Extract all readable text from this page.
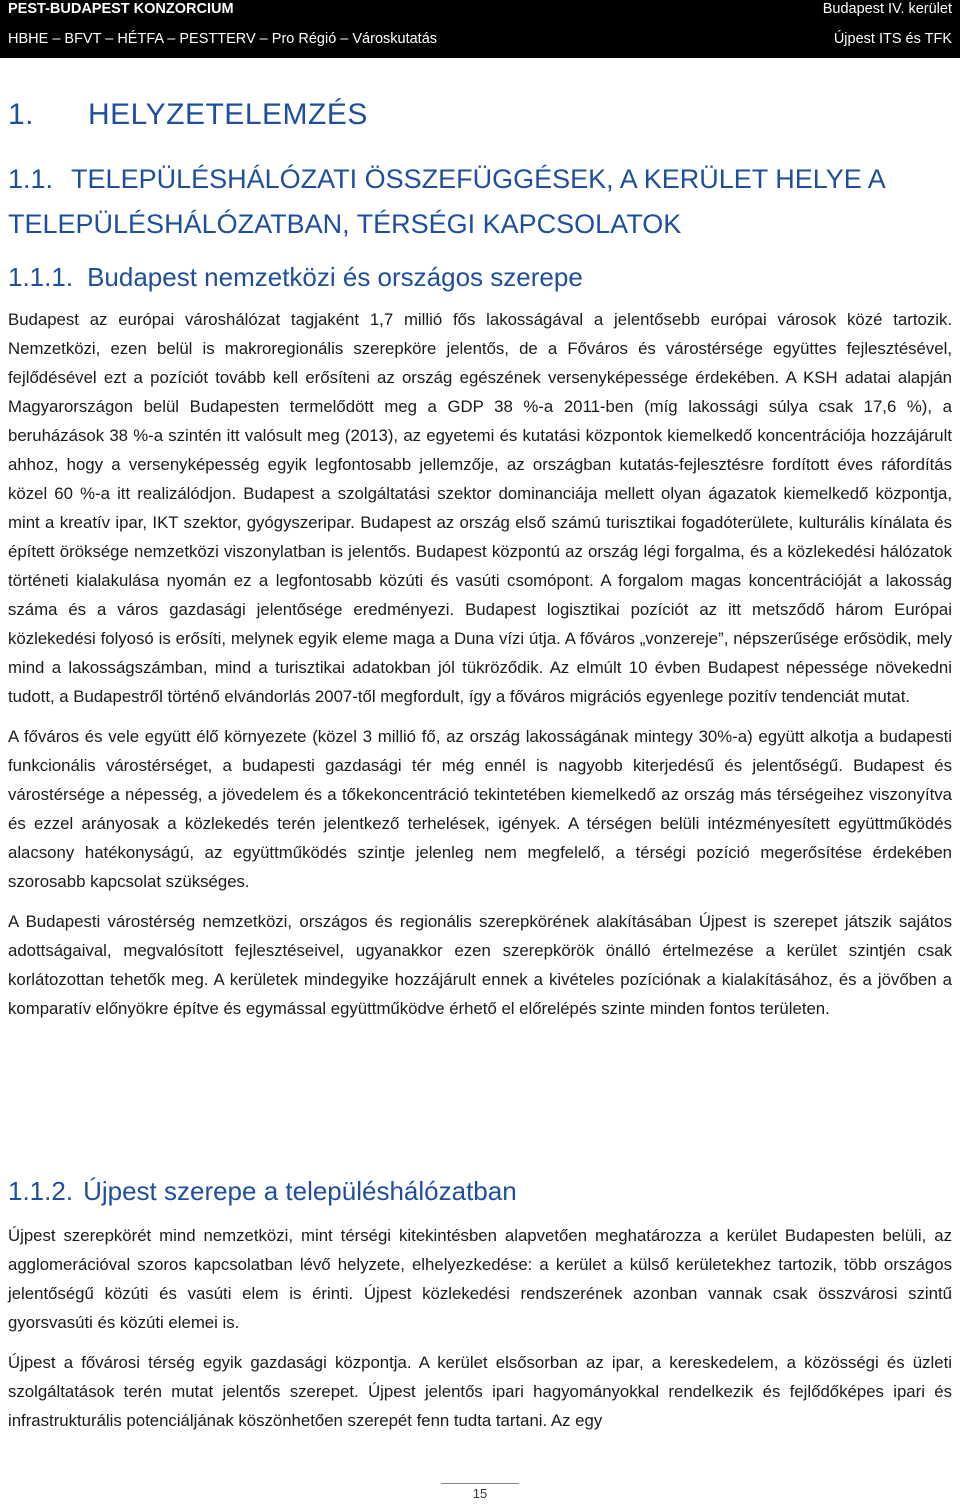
PEST-BUDAPEST KONZORCIUM	Budapest IV. kerület
HBHE – BFVT – HÉTFA – PESTTERV – Pro Régió – Városkutatás	Újpest ITS és TFK
1. HELYZETELEMZÉS
1.1. TELEPÜLÉSHÁLÓZATI ÖSSZEFÜGGÉSEK, A KERÜLET HELYE A TELEPÜLÉSHÁLÓZATBAN, TÉRSÉGI KAPCSOLATOK
1.1.1. Budapest nemzetközi és országos szerepe

Budapest az európai városhálózat tagjaként 1,7 millió fős lakosságával a jelentősebb európai városok közé tartozik. Nemzetközi, ezen belül is makroregionális szerepköre jelentős, de a Főváros és várostérsége együttes fejlesztésével, fejlődésével ezt a pozíciót tovább kell erősíteni az ország egészének versenyképessége érdekében. A KSH adatai alapján Magyarországon belül Budapesten termelődött meg a GDP 38 %-a 2011-ben (míg lakossági súlya csak 17,6 %), a beruházások 38 %-a szintén itt valósult meg (2013), az egyetemi és kutatási központok kiemelkedő koncentrációja hozzájárult ahhoz, hogy a versenyképesség egyik legfontosabb jellemzője, az országban kutatás-fejlesztésre fordított éves ráfordítás közel 60 %-a itt realizálódjon. Budapest a szolgáltatási szektor dominanciája mellett olyan ágazatok kiemelkedő központja, mint a kreatív ipar, IKT szektor, gyógyszeripar. Budapest az ország első számú turisztikai fogadóterülete, kulturális kínálata és épített öröksége nemzetközi viszonylatban is jelentős. Budapest központú az ország légi forgalma, és a közlekedési hálózatok történeti kialakulása nyomán ez a legfontosabb közúti és vasúti csomópont. A forgalom magas koncentrációját a lakosság száma és a város gazdasági jelentősége eredményezi. Budapest logisztikai pozíciót az itt metsződő három Európai közlekedési folyosó is erősíti, melynek egyik eleme maga a Duna vízi útja. A főváros „vonzereje”, népszerűsége erősödik, mely mind a lakosságszámban, mind a turisztikai adatokban jól tükröződik. Az elmúlt 10 évben Budapest népessége növekedni tudott, a Budapestről történő elvándorlás 2007-től megfordult, így a főváros migrációs egyenlege pozitív tendenciát mutat.

A főváros és vele együtt élő környezete (közel 3 millió fő, az ország lakosságának mintegy 30%-a) együtt alkotja a budapesti funkcionális várostérséget, a budapesti gazdasági tér még ennél is nagyobb kiterjedésű és jelentőségű. Budapest és várostérsége a népesség, a jövedelem és a tőkekoncentráció tekintetében kiemelkedő az ország más térségeihez viszonyítva és ezzel arányosak a közlekedés terén jelentkező terhelések, igények. A térségen belüli intézményesített együttműködés alacsony hatékonyságú, az együttműködés szintje jelenleg nem megfelelő, a térségi pozíció megerősítése érdekében szorosabb kapcsolat szükséges.

A Budapesti várostérség nemzetközi, országos és regionális szerepkörének alakításában Újpest is szerepet játszik sajátos adottságaival, megvalósított fejlesztéseivel, ugyanakkor ezen szerepkörök önálló értelmezése a kerület szintjén csak korlátozottan tehetők meg. A kerületek mindegyike hozzájárult ennek a kivételes pozíciónak a kialakításához, és a jövőben a komparatív előnyökre építve és egymással együttműködve érhető el előrelépés szinte minden fontos területen.

1.1.2. Újpest szerepe a településhálózatban

Újpest szerepkörét mind nemzetközi, mint térségi kitekintésben alapvetően meghatározza a kerület Budapesten belüli, az agglomerációval szoros kapcsolatban lévő helyzete, elhelyezkedése: a kerület a külső kerületekhez tartozik, több országos jelentőségű közúti és vasúti elem is érinti. Újpest közlekedési rendszerének azonban vannak csak összvárosi szintű gyorsvasúti és közúti elemei is.

Újpest a fővárosi térség egyik gazdasági központja. A kerület elsősorban az ipar, a kereskedelem, a közösségi és üzleti szolgáltatások terén mutat jelentős szerepet. Újpest jelentős ipari hagyományokkal rendelkezik és fejlődőképes ipari és infrastrukturális potenciáljának köszönhetően szerepét fenn tudta tartani. Az egy

15
